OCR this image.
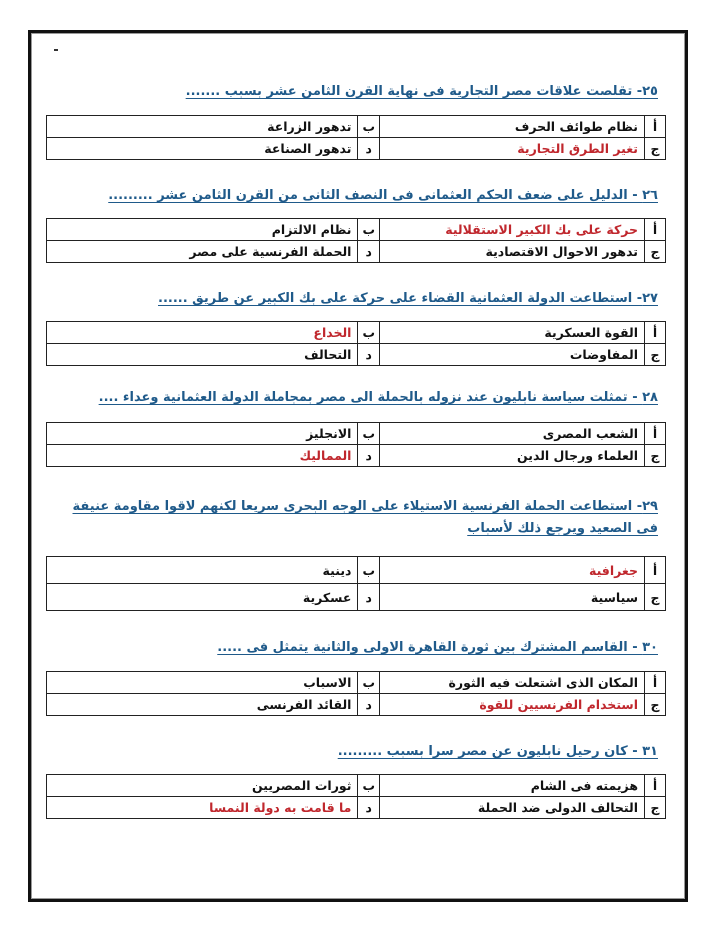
٢٥- تقلصت علاقات مصر التجارية فى نهاية القرن الثامن عشر بسبب .......
أ	نظام طوائف الحرف	ب	تدهور الزراعة
ج	تغير الطرق التجارية	د	تدهور الصناعة
٢٦ - الدليل على ضعف الحكم العثمانى فى النصف الثانى من القرن الثامن عشر .........
أ	حركة على بك الكبير الاستقلالية	ب	نظام الالتزام
ج	تدهور الاحوال الاقتصادية	د	الحملة الفرنسية على مصر
٢٧- استطاعت الدولة العثمانية القضاء على حركة على بك الكبير عن طريق ......
أ	القوة العسكرية	ب	الخداع
ج	المفاوضات	د	التحالف
٢٨ - تمثلت سياسة نابليون عند نزوله بالحملة الى مصر بمجاملة الدولة العثمانية وعداء ....
أ	الشعب المصرى	ب	الانجليز
ج	العلماء ورجال الدين	د	المماليك
٢٩- استطاعت الحملة الفرنسية الاستيلاء على الوجه البحرى سريعا لكنهم لاقوا مقاومة عنيفة فى الصعيد ويرجع ذلك لأسباب
أ	جغرافية	ب	دينية
ج	سياسية	د	عسكرية
٣٠ - القاسم المشترك بين ثورة القاهرة الاولى والثانية يتمثل فى .....
أ	المكان الذى اشتعلت فيه الثورة	ب	الاسباب
ج	استخدام الفرنسيين للقوة	د	القائد الفرنسى
٣١ - كان رحيل نابليون عن مصر سرا بسبب .........
أ	هزيمته فى الشام	ب	ثورات المصريين
ج	التحالف الدولى ضد الحملة	د	ما قامت به دولة النمسا
